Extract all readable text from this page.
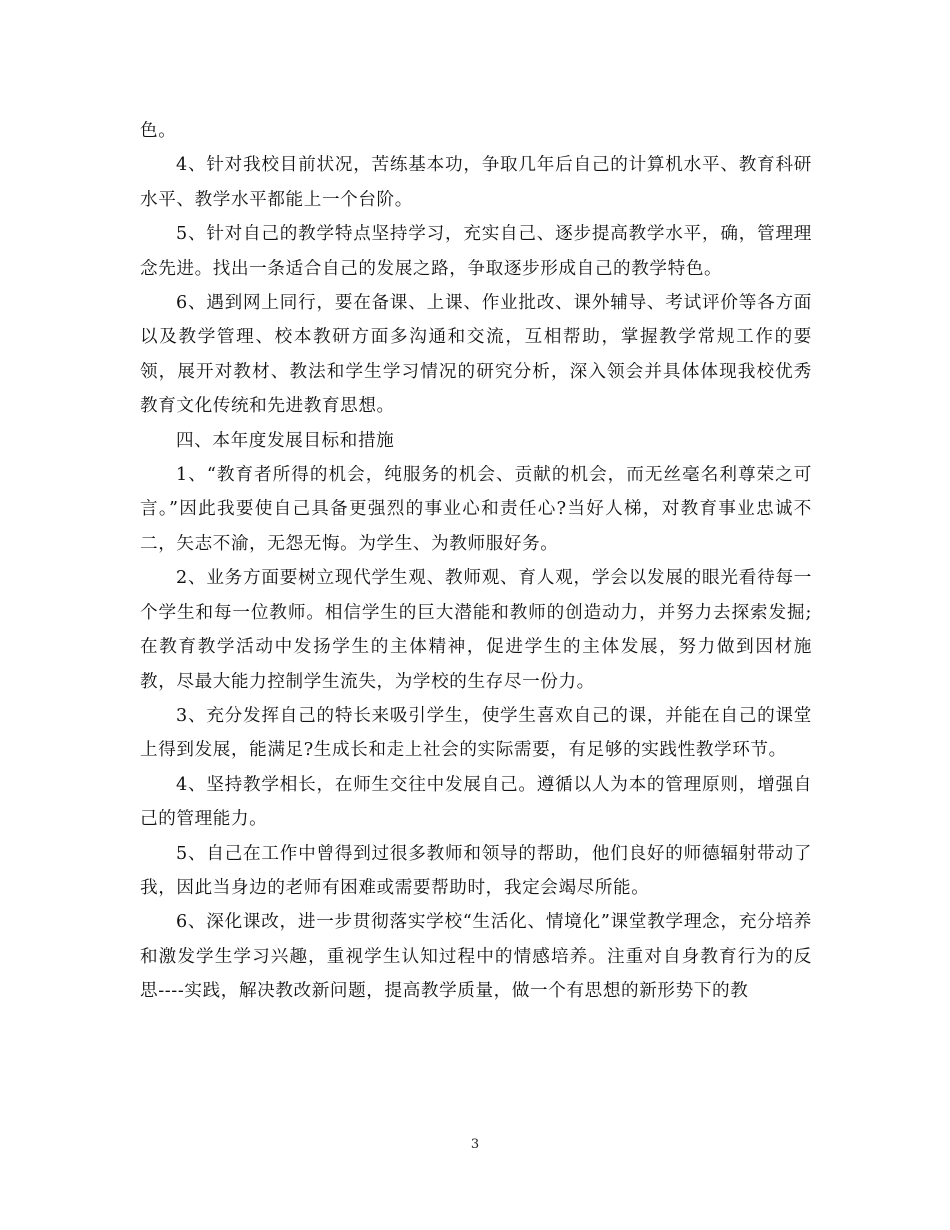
色。

4、针对我校目前状况，苦练基本功，争取几年后自己的计算机水平、教育科研水平、教学水平都能上一个台阶。

5、针对自己的教学特点坚持学习，充实自己、逐步提高教学水平，确，管理理念先进。找出一条适合自己的发展之路，争取逐步形成自己的教学特色。

6、遇到网上同行，要在备课、上课、作业批改、课外辅导、考试评价等各方面以及教学管理、校本教研方面多沟通和交流，互相帮助，掌握教学常规工作的要领，展开对教材、教法和学生学习情况的研究分析，深入领会并具体体现我校优秀教育文化传统和先进教育思想。

四、本年度发展目标和措施

1、“教育者所得的机会，纯服务的机会、贡献的机会，而无丝毫名利尊荣之可言。”因此我要使自己具备更强烈的事业心和责任心?当好人梯，对教育事业忠诚不二，矢志不渝，无怨无悔。为学生、为教师服好务。

2、业务方面要树立现代学生观、教师观、育人观，学会以发展的眼光看待每一个学生和每一位教师。相信学生的巨大潜能和教师的创造动力，并努力去探索发掘;在教育教学活动中发扬学生的主体精神，促进学生的主体发展，努力做到因材施教，尽最大能力控制学生流失，为学校的生存尽一份力。

3、充分发挥自己的特长来吸引学生，使学生喜欢自己的课，并能在自己的课堂上得到发展，能满足?生成长和走上社会的实际需要，有足够的实践性教学环节。

4、坚持教学相长，在师生交往中发展自己。遵循以人为本的管理原则，增强自己的管理能力。

5、自己在工作中曾得到过很多教师和领导的帮助，他们良好的师德辐射带动了我，因此当身边的老师有困难或需要帮助时，我定会竭尽所能。

6、深化课改，进一步贯彻落实学校“生活化、情境化”课堂教学理念，充分培养和激发学生学习兴趣，重视学生认知过程中的情感培养。注重对自身教育行为的反思----实践，解决教改新问题，提高教学质量，做一个有思想的新形势下的教

3
